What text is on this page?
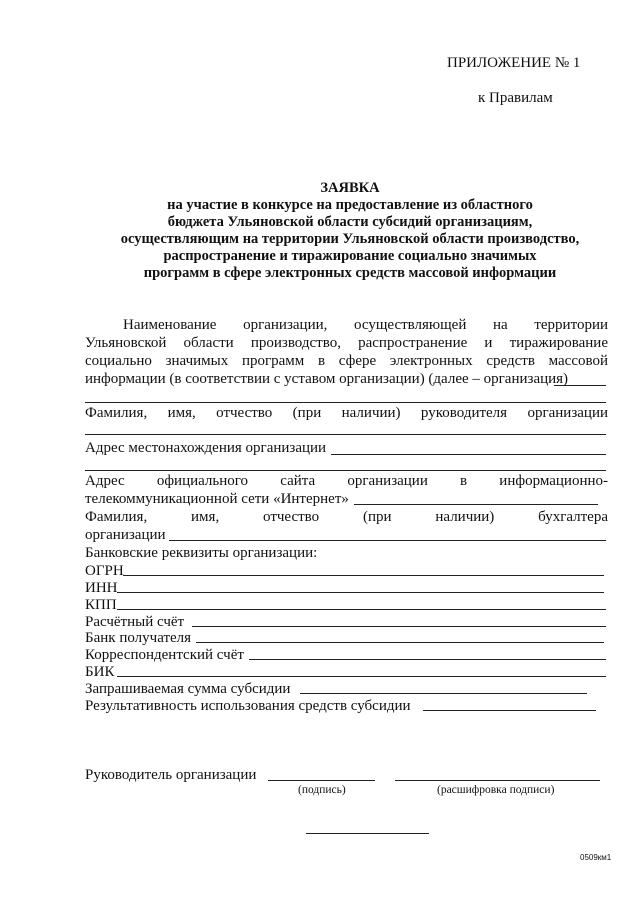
ПРИЛОЖЕНИЕ № 1
к Правилам
ЗАЯВКА
на участие в конкурсе на предоставление из областного
бюджета Ульяновской области субсидий организациям,
осуществляющим на территории Ульяновской области производство,
распространение и тиражирование социально значимых
программ в сфере электронных средств массовой информации
Наименование организации, осуществляющей на территории
Ульяновской области производство, распространение и тиражирование
социально значимых программ в сфере электронных средств массовой
информации (в соответствии с уставом организации) (далее – организация)
Фамилия, имя, отчество (при наличии) руководителя организации
Адрес местонахождения организации
Адрес официального сайта организации в информационно-
телекоммуникационной сети «Интернет»
Фамилия, имя, отчество (при наличии) бухгалтера
организации
Банковские реквизиты организации:
ОГРН
ИНН
КПП
Расчётный счёт
Банк получателя
Корреспондентский счёт
БИК
Запрашиваемая сумма субсидии
Результативность использования средств субсидии
Руководитель организации
(подпись)	(расшифровка подписи)
0509км1
